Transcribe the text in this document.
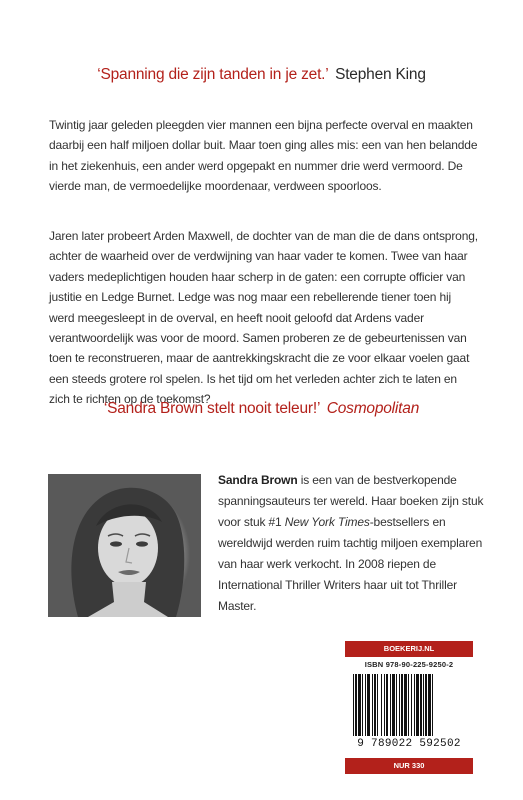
‘Spanning die zijn tanden in je zet.’ Stephen King
Twintig jaar geleden pleegden vier mannen een bijna perfecte overval en maakten daarbij een half miljoen dollar buit. Maar toen ging alles mis: een van hen belandde in het ziekenhuis, een ander werd opgepakt en nummer drie werd vermoord. De vierde man, de vermoedelijke moordenaar, verdween spoorloos.
Jaren later probeert Arden Maxwell, de dochter van de man die de dans ontsprong, achter de waarheid over de verdwijning van haar vader te komen. Twee van haar vaders medeplichtigen houden haar scherp in de gaten: een corrupte officier van justitie en Ledge Burnet. Ledge was nog maar een rebellerende tiener toen hij werd meegesleept in de overval, en heeft nooit geloofd dat Ardens vader verantwoordelijk was voor de moord. Samen proberen ze de gebeurtenissen van toen te reconstrueren, maar de aantrekkingskracht die ze voor elkaar voelen gaat een steeds grotere rol spelen. Is het tijd om het verleden achter zich te laten en zich te richten op de toekomst?
‘Sandra Brown stelt nooit teleur!’ Cosmopolitan
Sandra Brown is een van de bestverkopende spanningsauteurs ter wereld. Haar boeken zijn stuk voor stuk #1 New York Times-bestsellers en wereldwijd werden ruim tachtig miljoen exemplaren van haar werk verkocht. In 2008 riepen de International Thriller Writers haar uit tot Thriller Master.
BOEKERIJ.NL
ISBN 978-90-225-9250-2
9 789022 592502
NUR 330
